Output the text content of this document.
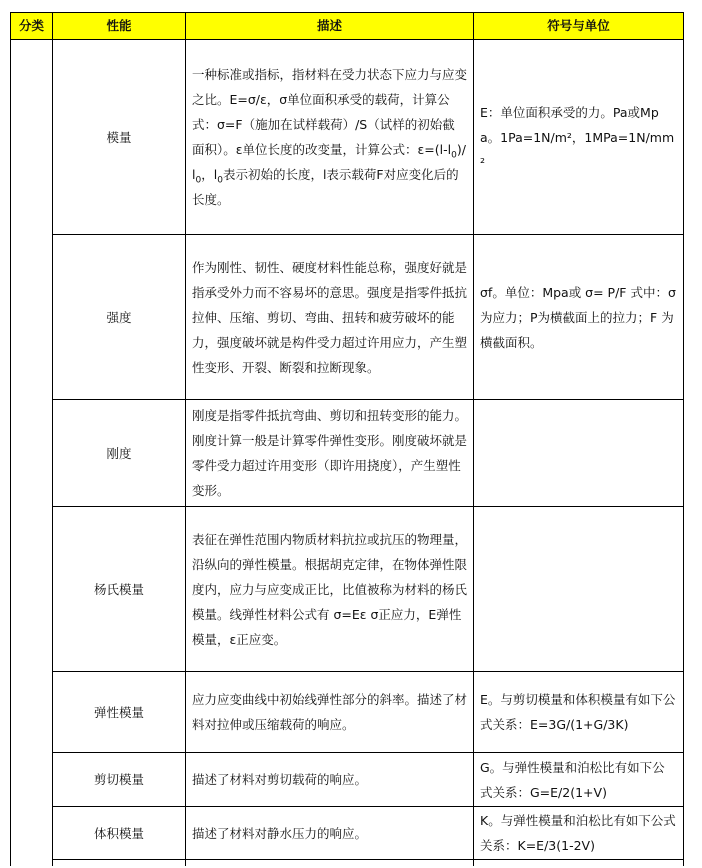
分类	性能	描述	符号与单位
	模量	一种标准或指标，指材料在受力状态下应力与应变之比。E=σ/ε，σ单位面积承受的载荷，计算公式：σ=F（施加在试样载荷）/S（试样的初始截面积）。ε单位长度的改变量，计算公式：$\varepsilon=(l-l_0)/l_0$，$l_0$表示初始的长度，l表示载荷F对应变化后的长度。	E：单位面积承受的力。Pa或Mpa。1Pa=1N/m²，1MPa=1N/mm²
	强度	作为刚性、韧性、硬度材料性能总称，强度好就是指承受外力而不容易坏的意思。强度是指零件抵抗拉伸、压缩、剪切、弯曲、扭转和疲劳破坏的能力，强度破坏就是构件受力超过许用应力，产生塑性变形、开裂、断裂和拉断现象。	σf。单位：Mpa或 σ= P/F 式中：σ 为应力；P为横截面上的拉力；F 为横截面积。
	刚度	刚度是指零件抵抗弯曲、剪切和扭转变形的能力。刚度计算一般是计算零件弹性变形。刚度破坏就是零件受力超过许用变形（即许用挠度），产生塑性变形。	
	杨氏模量	表征在弹性范围内物质材料抗拉或抗压的物理量，沿纵向的弹性模量。根据胡克定律，在物体弹性限度内，应力与应变成正比，比值被称为材料的杨氏模量。线弹性材料公式有 σ=Eε σ正应力，E弹性模量，ε正应变。	
	弹性模量	应力应变曲线中初始线弹性部分的斜率。描述了材料对拉伸或压缩载荷的响应。	E。与剪切模量和体积模量有如下公式关系：E=3G/(1+G/3K)
	剪切模量	描述了材料对剪切载荷的响应。	G。与弹性模量和泊松比有如下公式关系：G=E/2(1+V)
	体积模量	描述了材料对静水压力的响应。	K。与弹性模量和泊松比有如下公式关系：K=E/3(1-2V)
